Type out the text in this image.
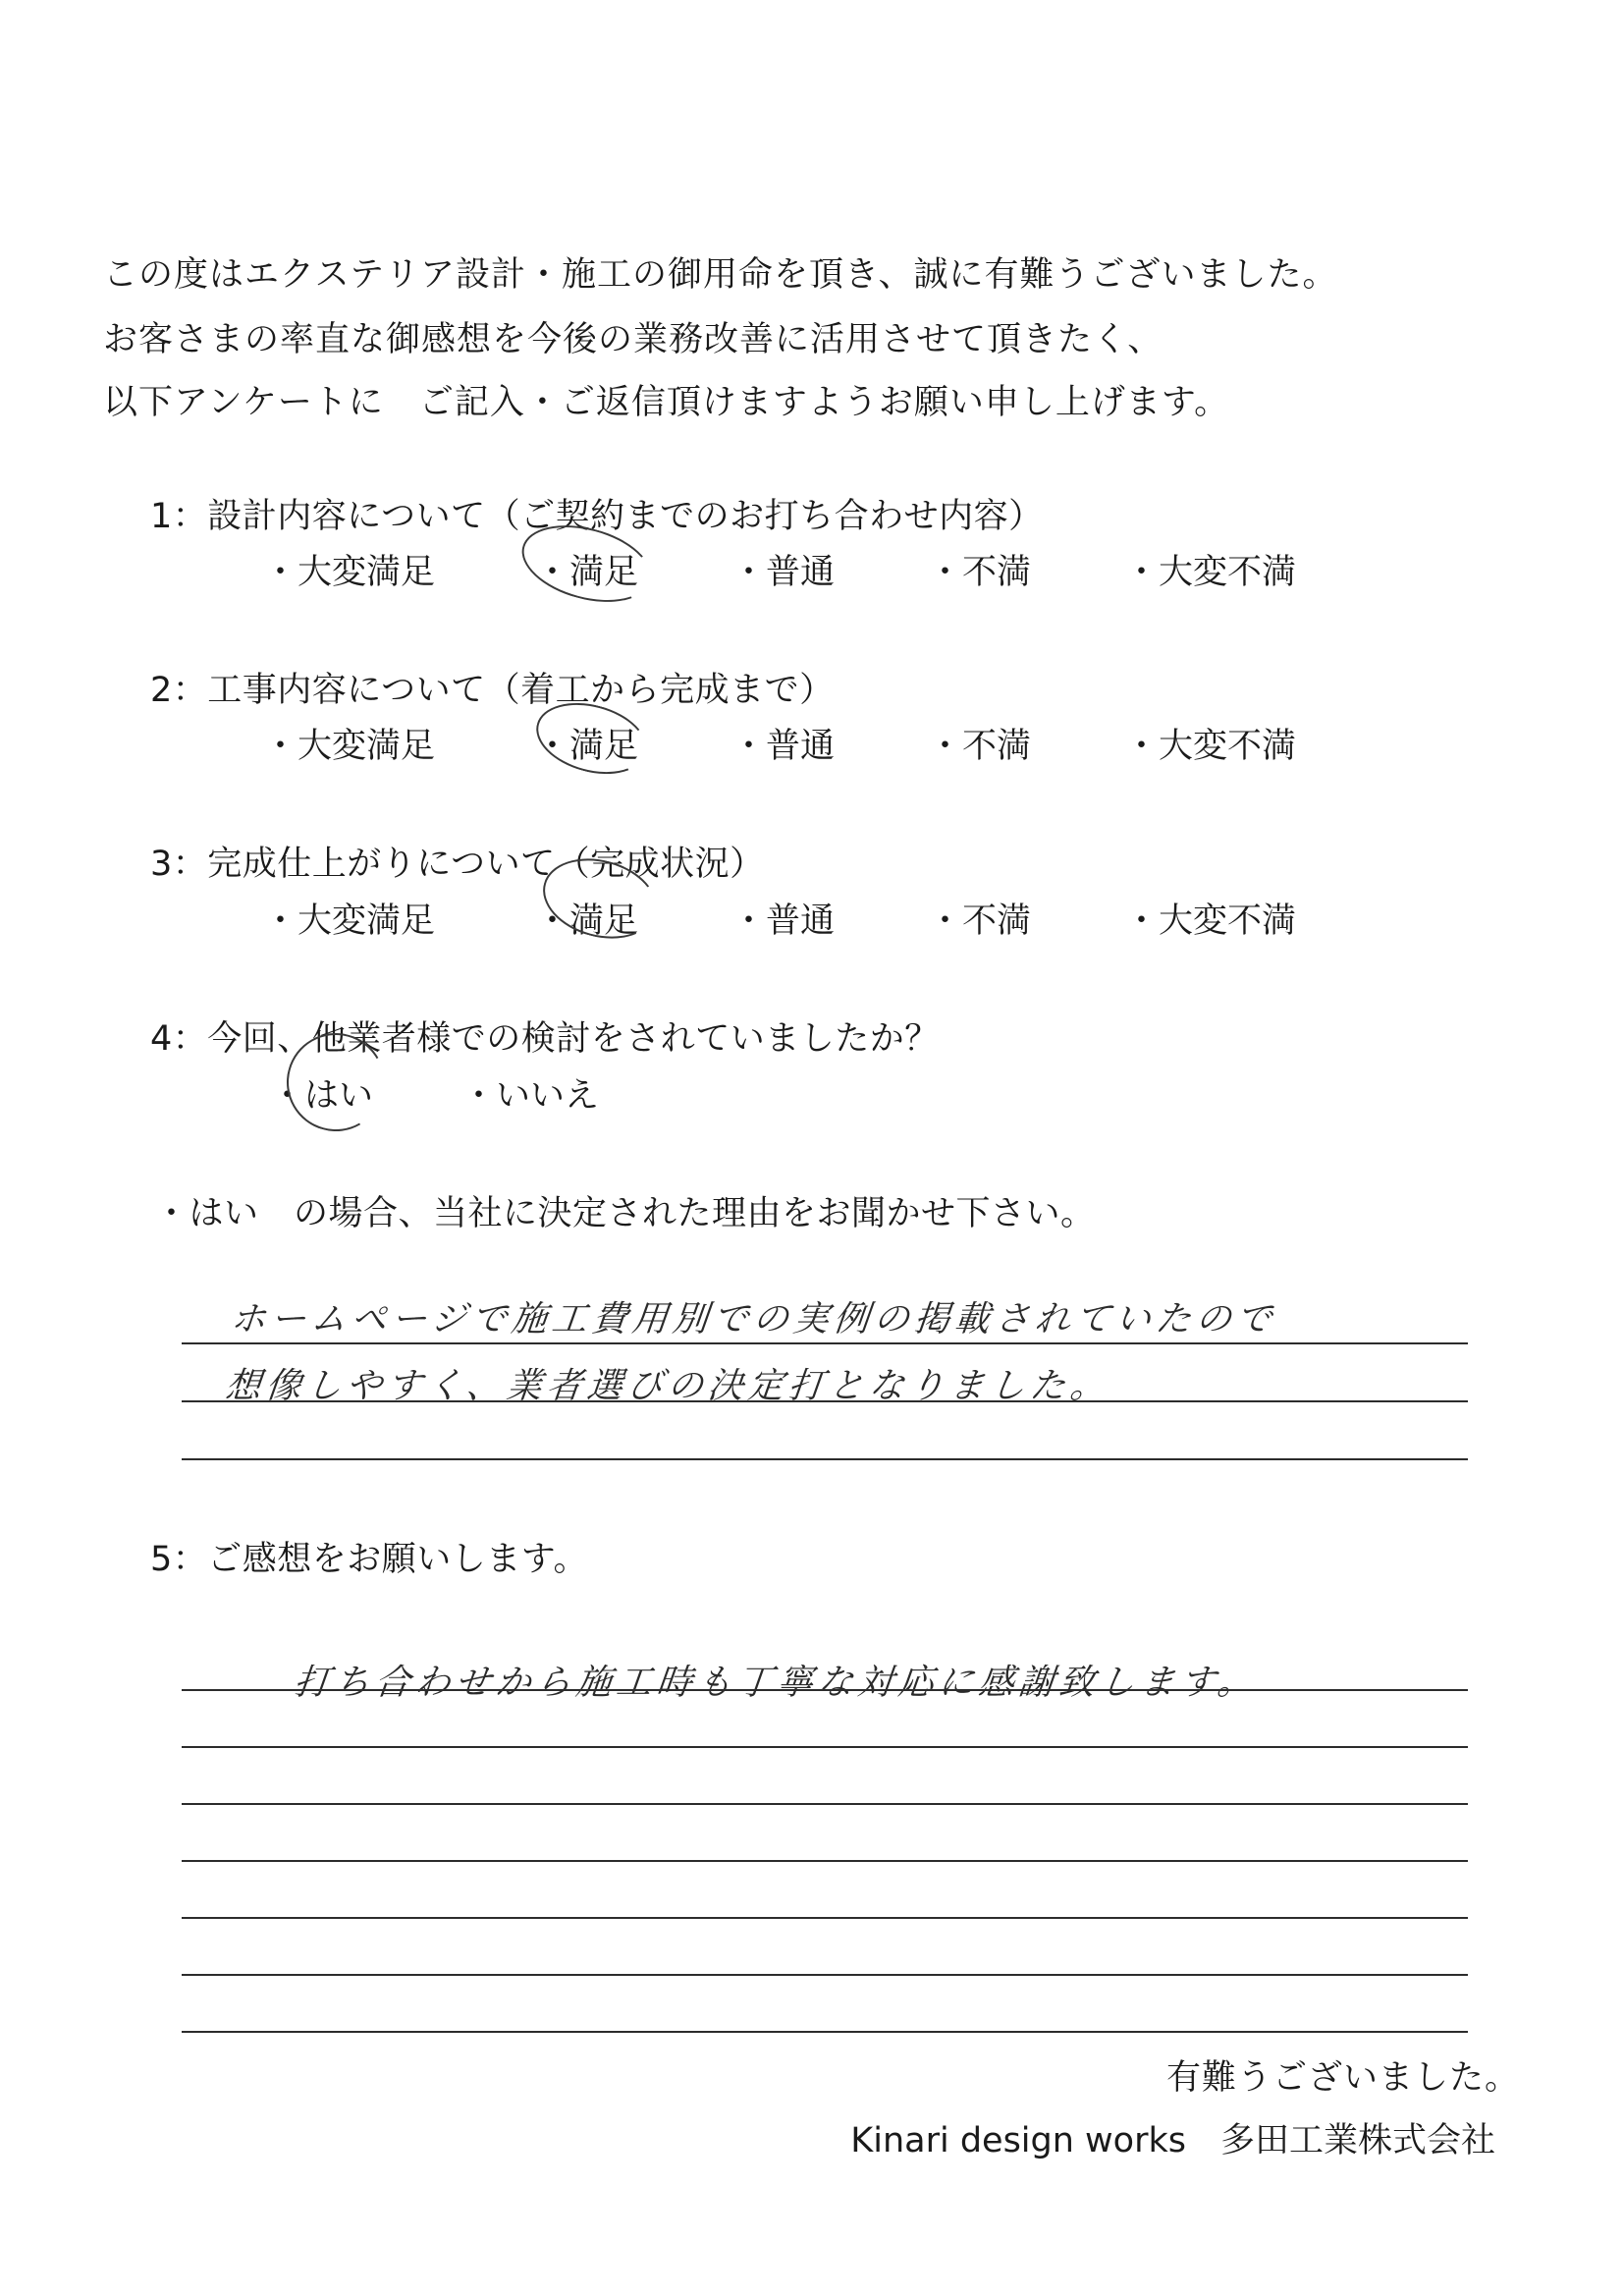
この度はエクステリア設計・施工の御用命を頂き、誠に有難うございました。
お客さまの率直な御感想を今後の業務改善に活用させて頂きたく、
以下アンケートに　ご記入・ご返信頂けますようお願い申し上げます。
1：設計内容について（ご契約までのお打ち合わせ内容）
・大変満足	・満足	・普通	・不満	・大変不満
2：工事内容について（着工から完成まで）
・大変満足	・満足	・普通	・不満	・大変不満
3：完成仕上がりについて（完成状況）
・大変満足	・満足	・普通	・不満	・大変不満
4：今回、他業者様での検討をされていましたか？
・はい	・いいえ
・はい　の場合、当社に決定された理由をお聞かせ下さい。
ホームページで施工費用別での実例の掲載されていたので
想像しやすく、業者選びの決定打となりました。
5：ご感想をお願いします。
打ち合わせから施工時も丁寧な対応に感謝致します。
有難うございました。
Kinari design works　多田工業株式会社
